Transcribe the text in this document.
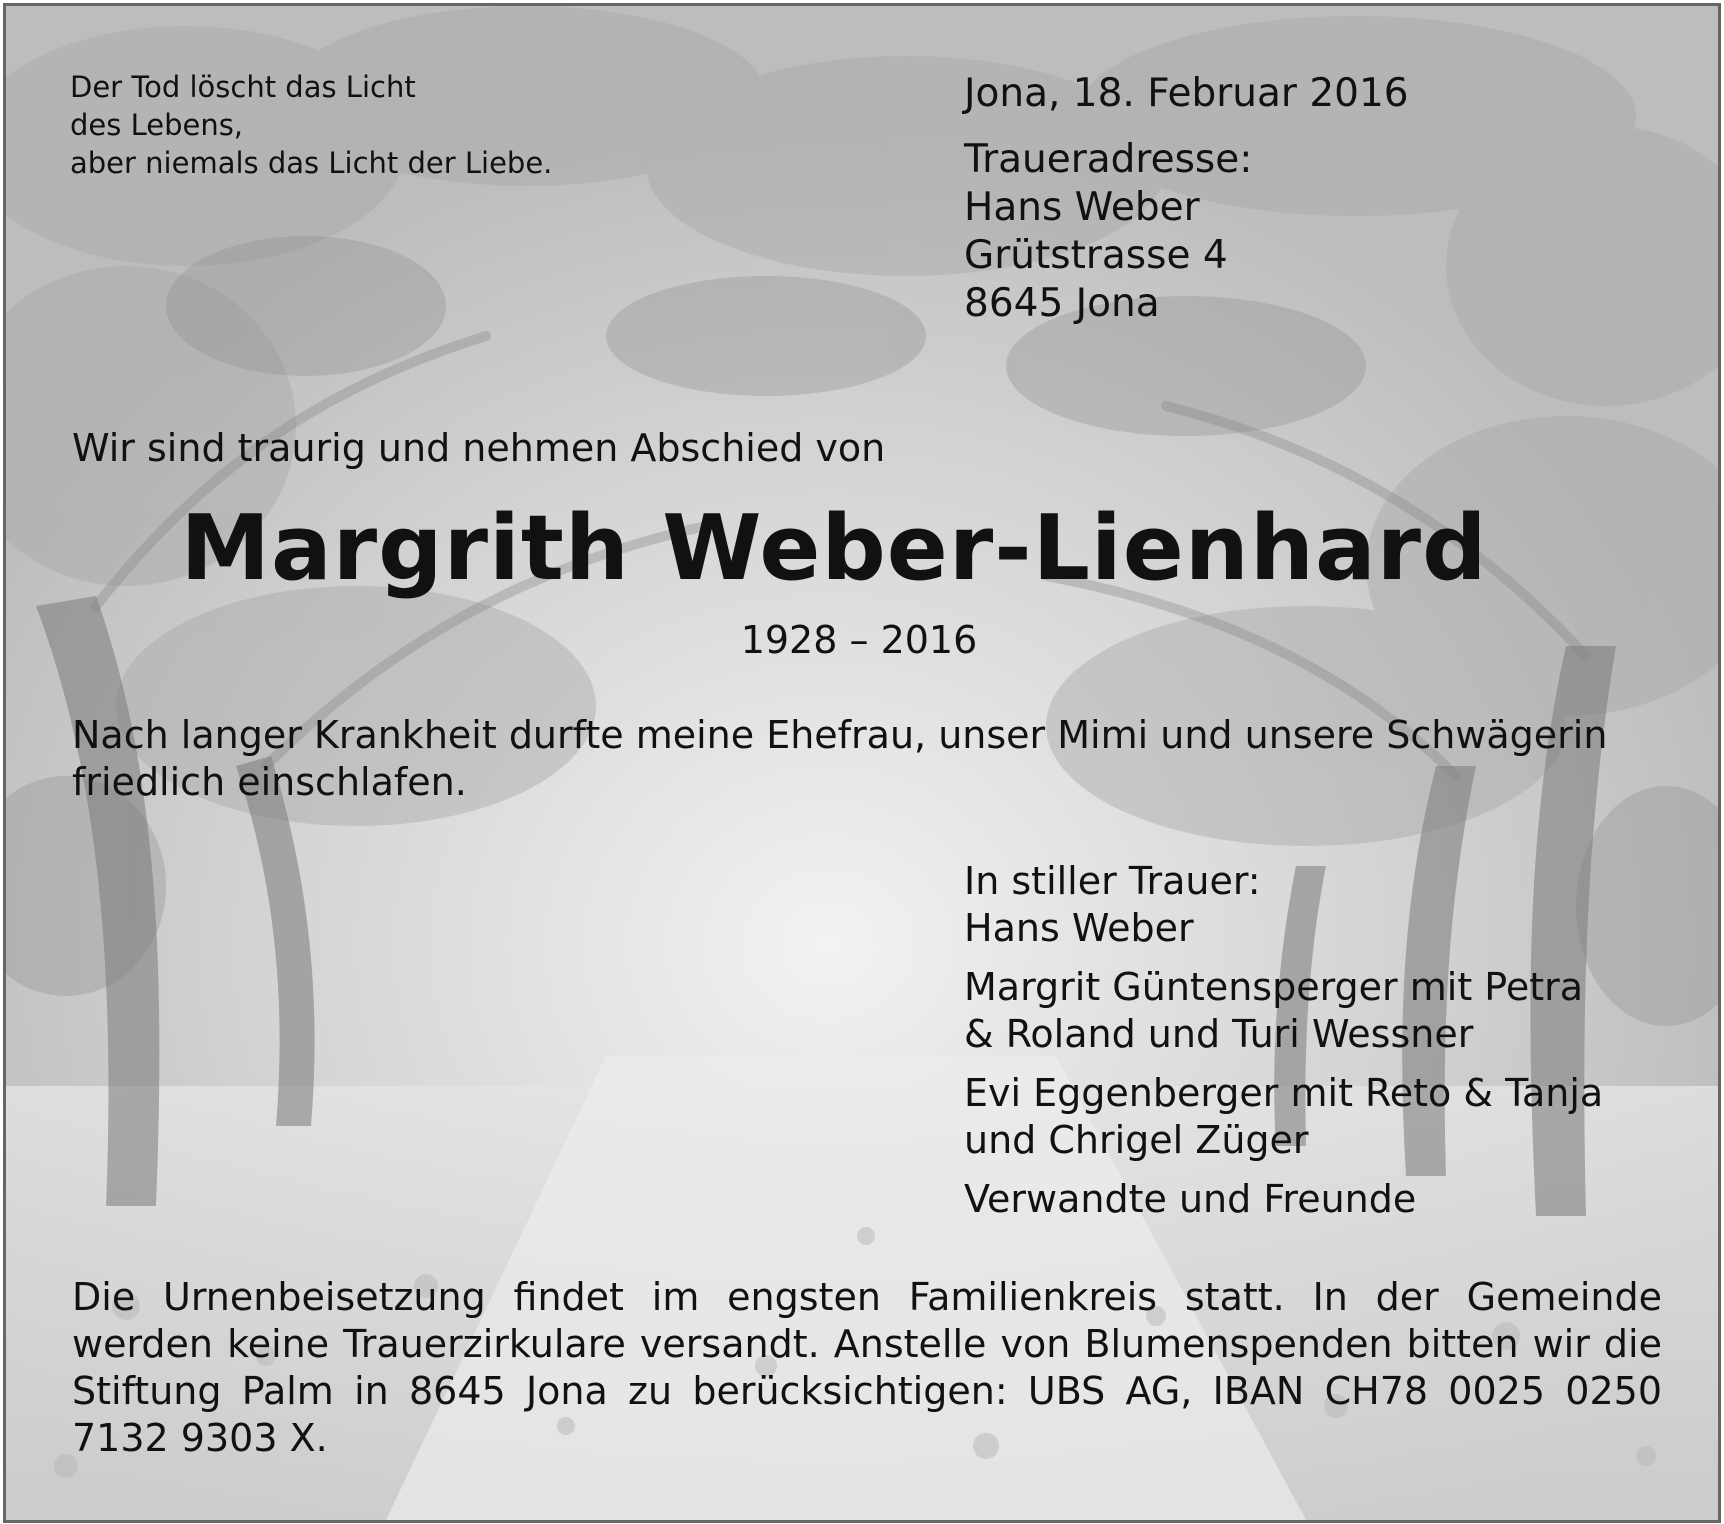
Der Tod löscht das Licht
des Lebens,
aber niemals das Licht der Liebe.

Jona, 18. Februar 2016

Traueradresse:
Hans Weber
Grütstrasse 4
8645 Jona

Wir sind traurig und nehmen Abschied von

Margrith Weber-Lienhard

1928 – 2016

Nach langer Krankheit durfte meine Ehefrau, unser Mimi und unsere Schwägerin friedlich einschlafen.

In stiller Trauer:
Hans Weber
Margrit Güntensperger mit Petra
& Roland und Turi Wessner
Evi Eggenberger mit Reto & Tanja
und Chrigel Züger
Verwandte und Freunde

Die Urnenbeisetzung findet im engsten Familienkreis statt. In der Gemeinde werden keine Trauerzirkulare versandt. Anstelle von Blumenspenden bitten wir die Stiftung Palm in 8645 Jona zu berücksichtigen: UBS AG, IBAN CH78 0025 0250 7132 9303 X.
